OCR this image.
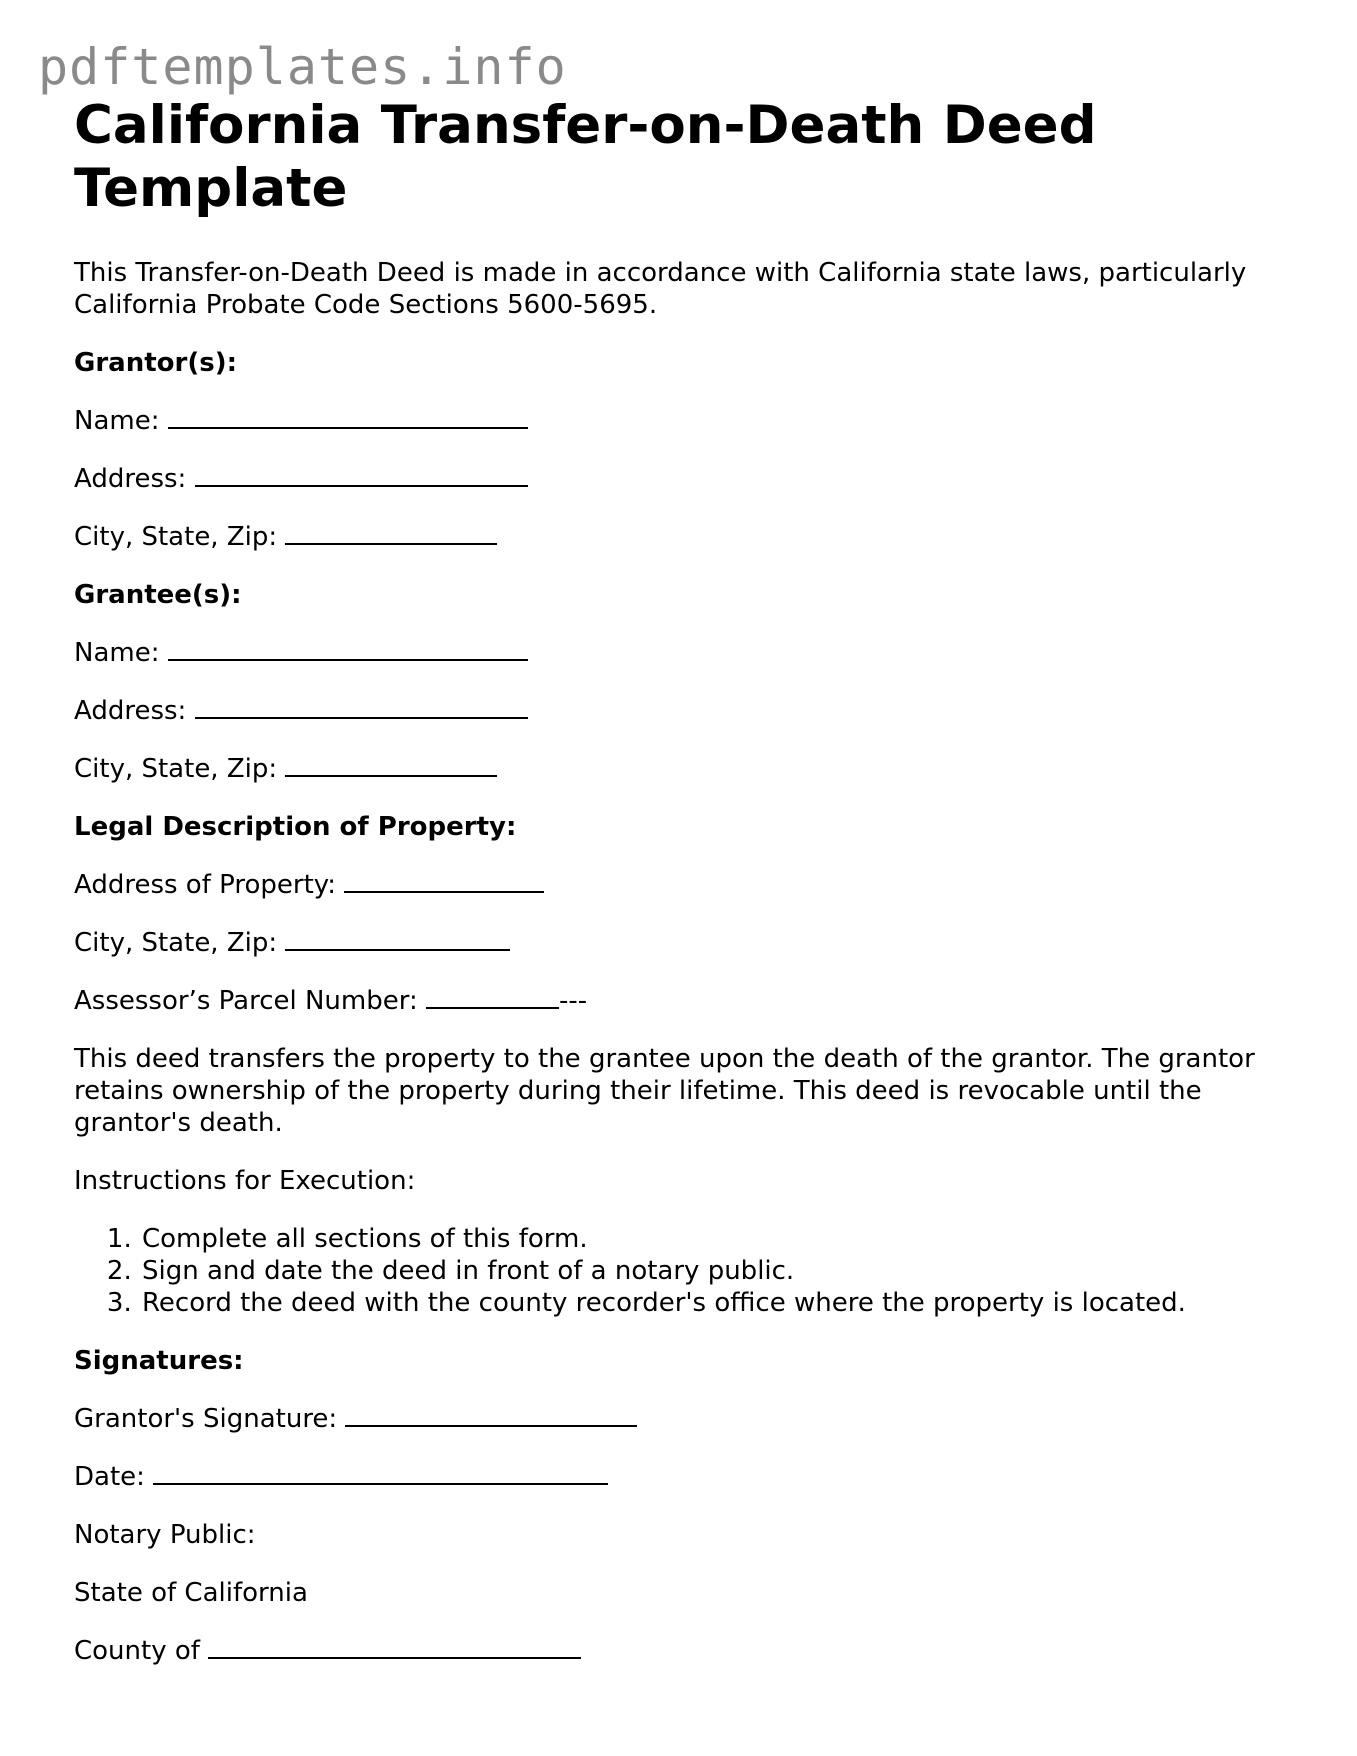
pdftemplates.info
California Transfer-on-Death Deed Template

This Transfer-on-Death Deed is made in accordance with California state laws, particularly California Probate Code Sections 5600-5695.

Grantor(s):

Name:

Address:

City, State, Zip:

Grantee(s):

Name:

Address:

City, State, Zip:

Legal Description of Property:

Address of Property:

City, State, Zip:

Assessor’s Parcel Number:	---

This deed transfers the property to the grantee upon the death of the grantor. The grantor retains ownership of the property during their lifetime. This deed is revocable until the grantor's death.

Instructions for Execution:

1. Complete all sections of this form.
2. Sign and date the deed in front of a notary public.
3. Record the deed with the county recorder's office where the property is located.

Signatures:

Grantor's Signature:

Date:

Notary Public:

State of California

County of
